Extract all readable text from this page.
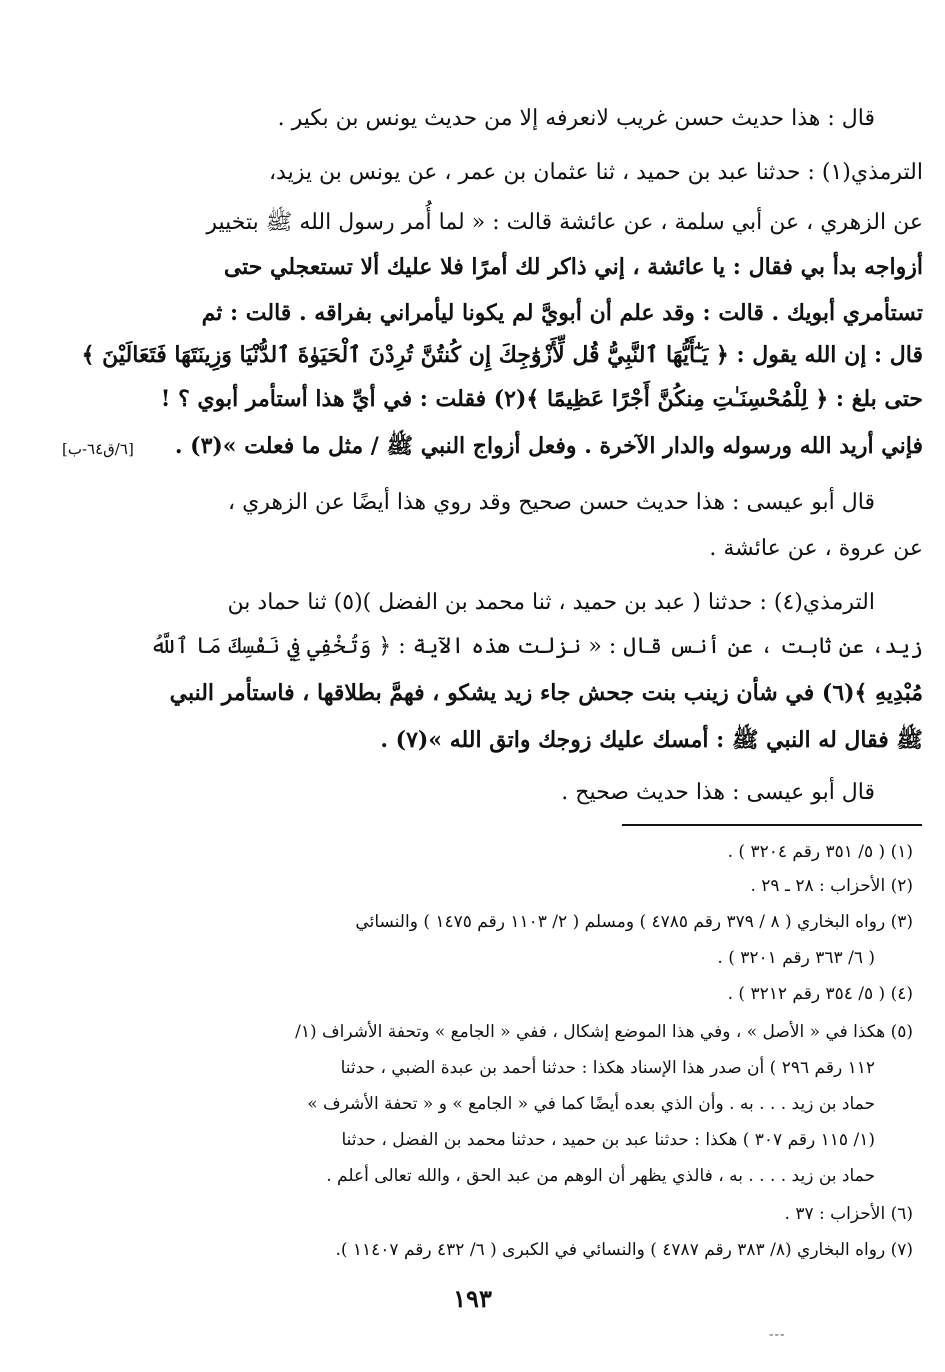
قال : هذا حديث حسن غريب لانعرفه إلا من حديث يونس بن بكير .
الترمذي(١) : حدثنا عبد بن حميد ، ثنا عثمان بن عمر ، عن يونس بن يزيد،
عن الزهري ، عن أبي سلمة ، عن عائشة قالت : « لما أُمر رسول الله ﷺ بتخيير
أزواجه بدأ بي فقال : يا عائشة ، إني ذاكر لك أمرًا فلا عليك ألا تستعجلي حتى
تستأمري أبويك . قالت : وقد علم أن أبويَّ لم يكونا ليأمراني بفراقه . قالت : ثم
قال : إن الله يقول : ﴿ يَـٰٓأَيُّهَا ٱلنَّبِيُّ قُل لِّأَزْوَٰجِكَ إِن كُنتُنَّ تُرِدْنَ ٱلْحَيَوٰةَ ٱلدُّنْيَا وَزِينَتَهَا فَتَعَالَيْنَ ﴾
حتى بلغ : ﴿ لِلْمُحْسِنَـٰتِ مِنكُنَّ أَجْرًا عَظِيمًا ﴾(٢) فقلت : في أيِّ هذا أستأمر أبوي ؟ !
فإني أريد الله ورسوله والدار الآخرة . وفعل أزواج النبي ﷺ / مثل ما فعلت »(٣) .
[٦/ق٦٤-ب]
قال أبو عيسى : هذا حديث حسن صحيح وقد روي هذا أيضًا عن الزهري ،
عن عروة ، عن عائشة .
الترمذي(٤) : حدثنا ( عبد بن حميد ، ثنا محمد بن الفضل )(٥) ثنا حماد بن
زيد، عن ثابت ، عن أنس قال : « نزلت هذه الآية : ﴿ وَتُخْفِي فِي نَفْسِكَ مَا ٱللَّهُ
مُبْدِيهِ ﴾(٦) في شأن زينب بنت جحش جاء زيد يشكو ، فهمَّ بطلاقها ، فاستأمر النبي
ﷺ فقال له النبي ﷺ : أمسك عليك زوجك واتق الله »(٧) .
قال أبو عيسى : هذا حديث صحيح .
(١) ( ٥/ ٣٥١ رقم ٣٢٠٤ ) .
(٢) الأحزاب : ٢٨ ـ ٢٩ .
(٣) رواه البخاري ( ٨ / ٣٧٩ رقم ٤٧٨٥ ) ومسلم ( ٢/ ١١٠٣ رقم ١٤٧٥ ) والنسائي
( ٦/ ٣٦٣ رقم ٣٢٠١ ) .
(٤) ( ٥/ ٣٥٤ رقم ٣٢١٢ ) .
(٥) هكذا في « الأصل » ، وفي هذا الموضع إشكال ، ففي « الجامع » وتحفة الأشراف (١/
١١٢ رقم ٢٩٦ ) أن صدر هذا الإسناد هكذا : حدثنا أحمد بن عبدة الضبي ، حدثنا
حماد بن زيد . . . به . وأن الذي بعده أيضًا كما في « الجامع » و « تحفة الأشرف »
(١/ ١١٥ رقم ٣٠٧ ) هكذا : حدثنا عبد بن حميد ، حدثنا محمد بن الفضل ، حدثنا
حماد بن زيد . . . . به ، فالذي يظهر أن الوهم من عبد الحق ، والله تعالى أعلم .
(٦) الأحزاب : ٣٧ .
(٧) رواه البخاري (٨/ ٣٨٣ رقم ٤٧٨٧ ) والنسائي في الكبرى ( ٦/ ٤٣٢ رقم ١١٤٠٧ ).
١٩٣
⁃⁃⁃
